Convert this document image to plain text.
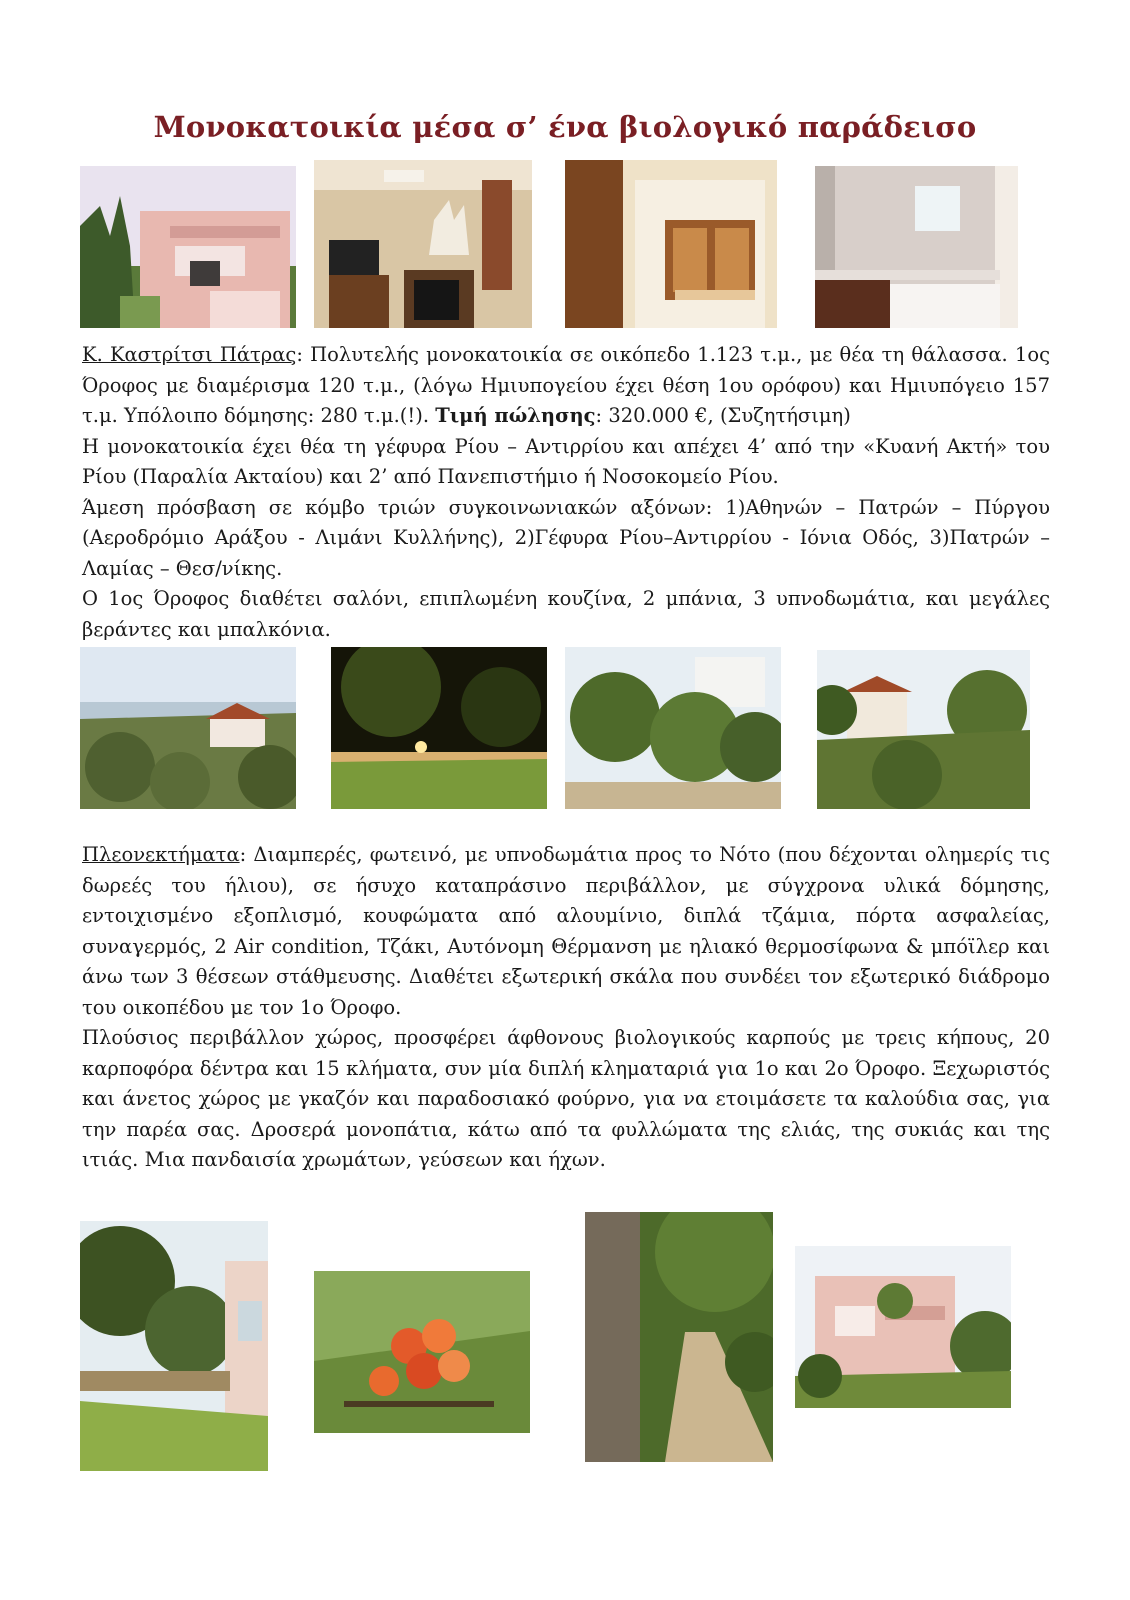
Μονοκατοικία μέσα σ’ ένα βιολογικό παράδεισο

Κ. Καστρίτσι Πάτρας: Πολυτελής μονοκατοικία σε οικόπεδο 1.123 τ.μ., με θέα τη θάλασσα. 1ος Όροφος με διαμέρισμα 120 τ.μ., (λόγω Ημιυπογείου έχει θέση 1ου ορόφου) και Ημιυπόγειο 157 τ.μ. Υπόλοιπο δόμησης: 280 τ.μ.(!). Τιμή πώλησης: 320.000 €, (Συζητήσιμη)

Η μονοκατοικία έχει θέα τη γέφυρα Ρίου – Αντιρρίου και απέχει 4’ από την «Κυανή Ακτή» του Ρίου (Παραλία Ακταίου) και 2’ από Πανεπιστήμιο ή Νοσοκομείο Ρίου.

Άμεση πρόσβαση σε κόμβο τριών συγκοινωνιακών αξόνων: 1)Αθηνών – Πατρών – Πύργου (Αεροδρόμιο Αράξου - Λιμάνι Κυλλήνης), 2)Γέφυρα Ρίου–Αντιρρίου - Ιόνια Οδός, 3)Πατρών – Λαμίας – Θεσ/νίκης.

Ο 1ος Όροφος διαθέτει σαλόνι, επιπλωμένη κουζίνα, 2 μπάνια, 3 υπνοδωμάτια, και μεγάλες βεράντες και μπαλκόνια.

Πλεονεκτήματα: Διαμπερές, φωτεινό, με υπνοδωμάτια προς το Νότο (που δέχονται ολημερίς τις δωρεές του ήλιου), σε ήσυχο καταπράσινο περιβάλλον, με σύγχρονα υλικά δόμησης, εντοιχισμένο εξοπλισμό, κουφώματα από αλουμίνιο, διπλά τζάμια, πόρτα ασφαλείας, συναγερμός, 2 Air condition, Τζάκι, Αυτόνομη Θέρμανση με ηλιακό θερμοσίφωνα & μπόϊλερ και άνω των 3 θέσεων στάθμευσης. Διαθέτει εξωτερική σκάλα που συνδέει τον εξωτερικό διάδρομο του οικοπέδου με τον 1ο Όροφο.

Πλούσιος περιβάλλον χώρος, προσφέρει άφθονους βιολογικούς καρπούς με τρεις κήπους, 20 καρποφόρα δέντρα και 15 κλήματα, συν μία διπλή κληματαριά για 1ο και 2ο Όροφο. Ξεχωριστός και άνετος χώρος με γκαζόν και παραδοσιακό φούρνο, για να ετοιμάσετε τα καλούδια σας, για την παρέα σας. Δροσερά μονοπάτια, κάτω από τα φυλλώματα της ελιάς, της συκιάς και της ιτιάς. Μια πανδαισία χρωμάτων, γεύσεων και ήχων.
